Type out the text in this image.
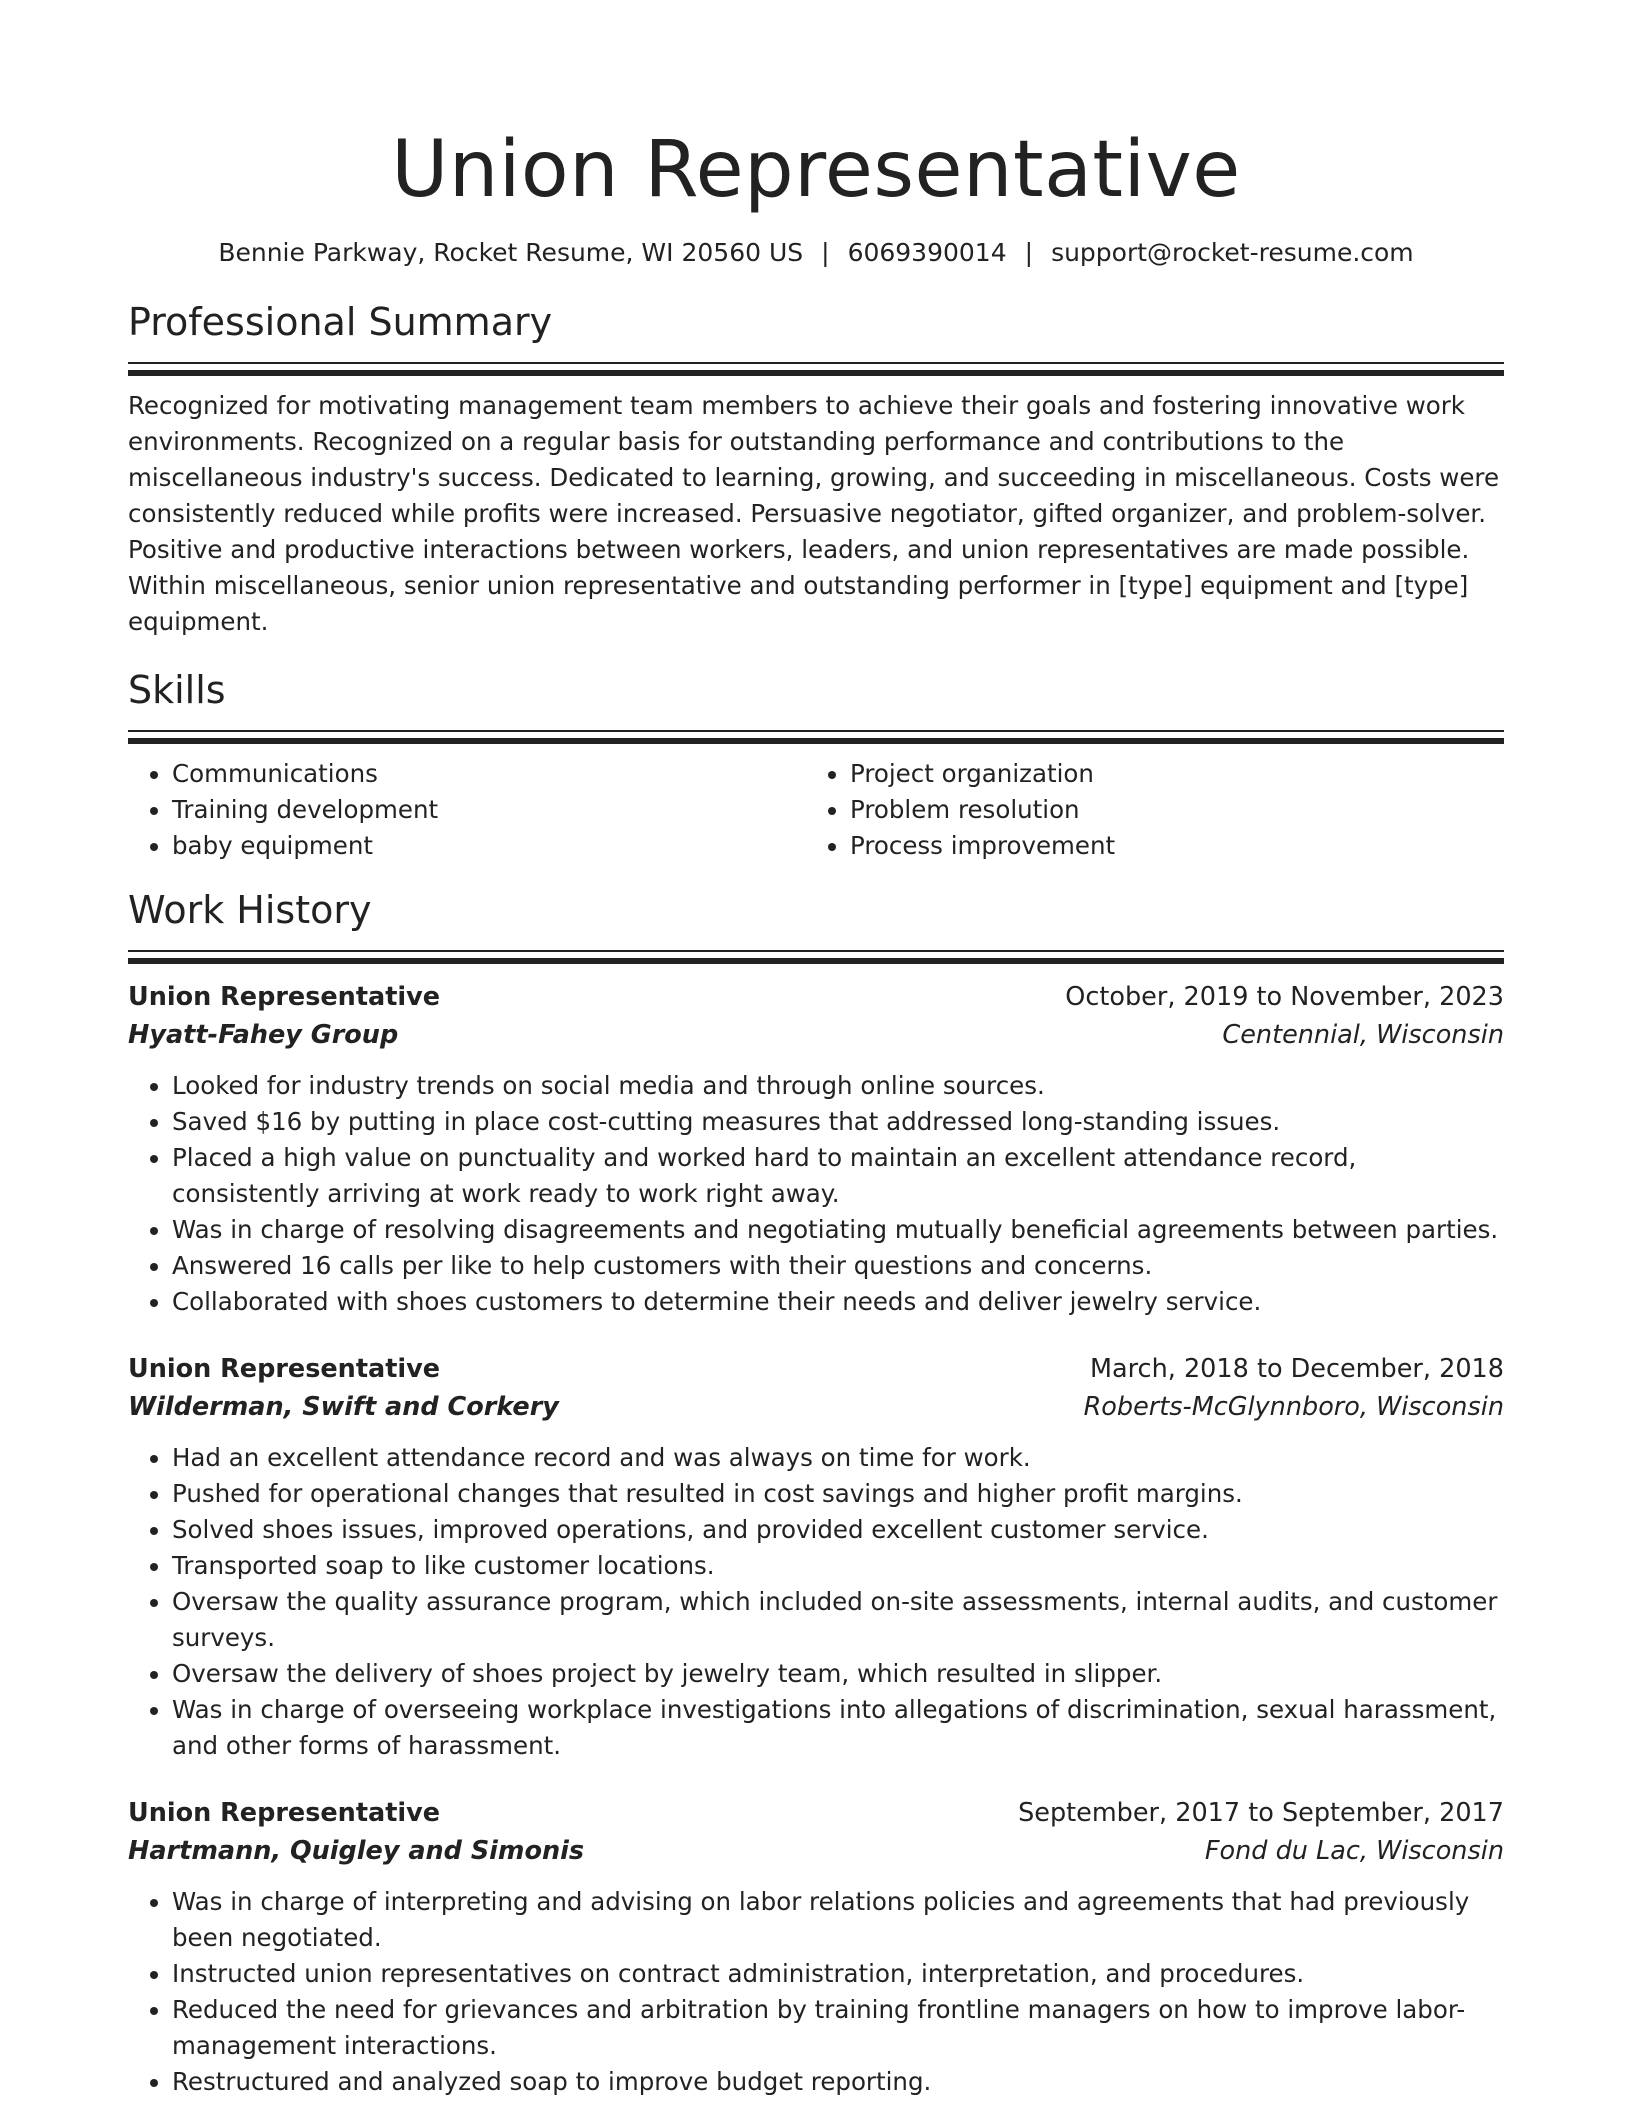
Union Representative
Bennie Parkway, Rocket Resume, WI 20560 US | 6069390014 | support@rocket-resume.com
Professional Summary

Recognized for motivating management team members to achieve their goals and fostering innovative work environments. Recognized on a regular basis for outstanding performance and contributions to the miscellaneous industry's success. Dedicated to learning, growing, and succeeding in miscellaneous. Costs were consistently reduced while profits were increased. Persuasive negotiator, gifted organizer, and problem-solver. Positive and productive interactions between workers, leaders, and union representatives are made possible. Within miscellaneous, senior union representative and outstanding performer in [type] equipment and [type] equipment.

Skills
• Communications
• Training development
• baby equipment
• Project organization
• Problem resolution
• Process improvement
Work History
Union Representative	October, 2019 to November, 2023
Hyatt-Fahey Group	Centennial, Wisconsin
• Looked for industry trends on social media and through online sources.
• Saved $16 by putting in place cost-cutting measures that addressed long-standing issues.
• Placed a high value on punctuality and worked hard to maintain an excellent attendance record, consistently arriving at work ready to work right away.
• Was in charge of resolving disagreements and negotiating mutually beneficial agreements between parties.
• Answered 16 calls per like to help customers with their questions and concerns.
• Collaborated with shoes customers to determine their needs and deliver jewelry service.
Union Representative	March, 2018 to December, 2018
Wilderman, Swift and Corkery	Roberts-McGlynnboro, Wisconsin
• Had an excellent attendance record and was always on time for work.
• Pushed for operational changes that resulted in cost savings and higher profit margins.
• Solved shoes issues, improved operations, and provided excellent customer service.
• Transported soap to like customer locations.
• Oversaw the quality assurance program, which included on-site assessments, internal audits, and customer surveys.
• Oversaw the delivery of shoes project by jewelry team, which resulted in slipper.
• Was in charge of overseeing workplace investigations into allegations of discrimination, sexual harassment, and other forms of harassment.
Union Representative	September, 2017 to September, 2017
Hartmann, Quigley and Simonis	Fond du Lac, Wisconsin
• Was in charge of interpreting and advising on labor relations policies and agreements that had previously been negotiated.
• Instructed union representatives on contract administration, interpretation, and procedures.
• Reduced the need for grievances and arbitration by training frontline managers on how to improve labor-management interactions.
• Restructured and analyzed soap to improve budget reporting.
